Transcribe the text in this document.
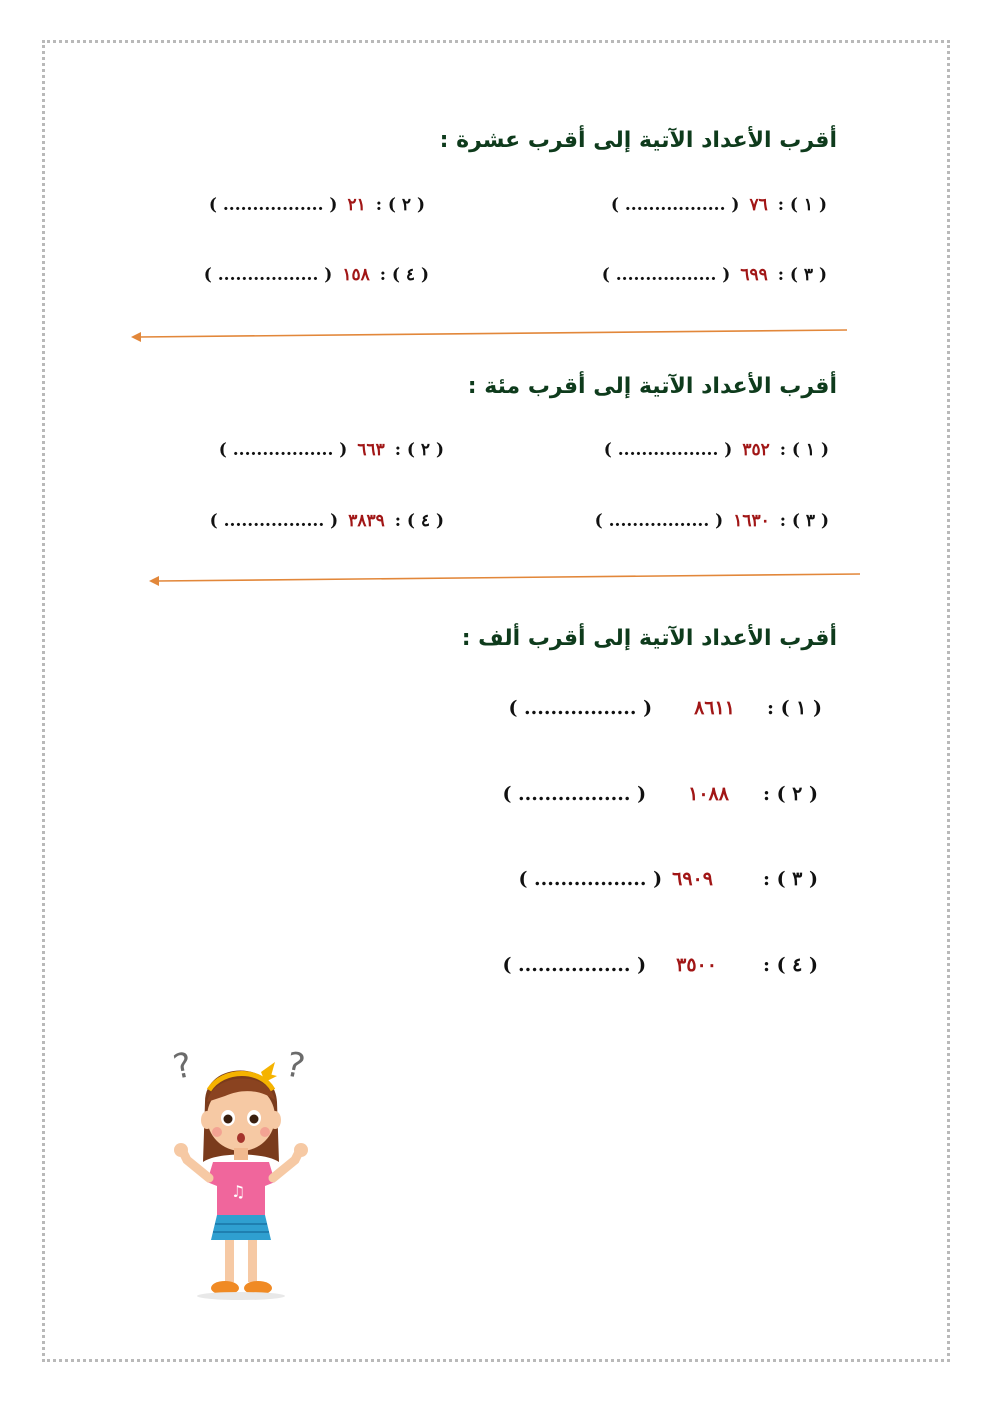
أقرب الأعداد الآتية إلى أقرب عشرة :
( ١ ) :٧٦( ................. )
( ٢ ) :٢١( ................. )
( ٣ ) :٦٩٩( ................. )
( ٤ ) :١٥٨( ................. )
أقرب الأعداد الآتية إلى أقرب مئة :
( ١ ) :٣٥٢( ................. )
( ٢ ) :٦٦٣( ................. )
( ٣ ) :١٦٣٠( ................. )
( ٤ ) :٣٨٣٩( ................. )
أقرب الأعداد الآتية إلى أقرب ألف :
( ١ ) :٨٦١١( ................. )
( ٢ ) :١٠٨٨( ................. )
( ٣ ) :٦٩٠٩( ................. )
( ٤ ) :٣٥٠٠( ................. )
?	?
♫
